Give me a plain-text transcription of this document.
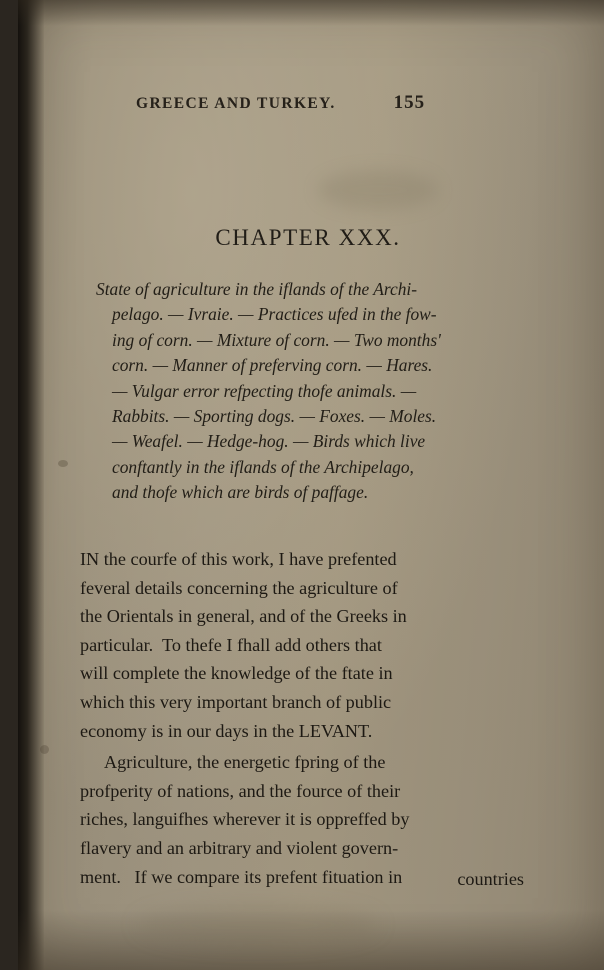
GREECE AND TURKEY.	155
CHAPTER XXX.
State of agriculture in the iflands of the Archi-
pelago. — Ivraie. — Practices ufed in the fow-
ing of corn. — Mixture of corn. — Two months'
corn. — Manner of preferving corn. — Hares.
— Vulgar error refpecting thofe animals. —
Rabbits. — Sporting dogs. — Foxes. — Moles.
— Weafel. — Hedge-hog. — Birds which live
conftantly in the iflands of the Archipelago,
and thofe which are birds of paffage.
IN the courfe of this work, I have prefented
feveral details concerning the agriculture of
the Orientals in general, and of the Greeks in
particular.  To thefe I fhall add others that
will complete the knowledge of the ftate in
which this very important branch of public
economy is in our days in the LEVANT.
Agriculture, the energetic fpring of the
profperity of nations, and the fource of their
riches, languifhes wherever it is oppreffed by
flavery and an arbitrary and violent govern-
ment.   If we compare its prefent fituation in	countries
